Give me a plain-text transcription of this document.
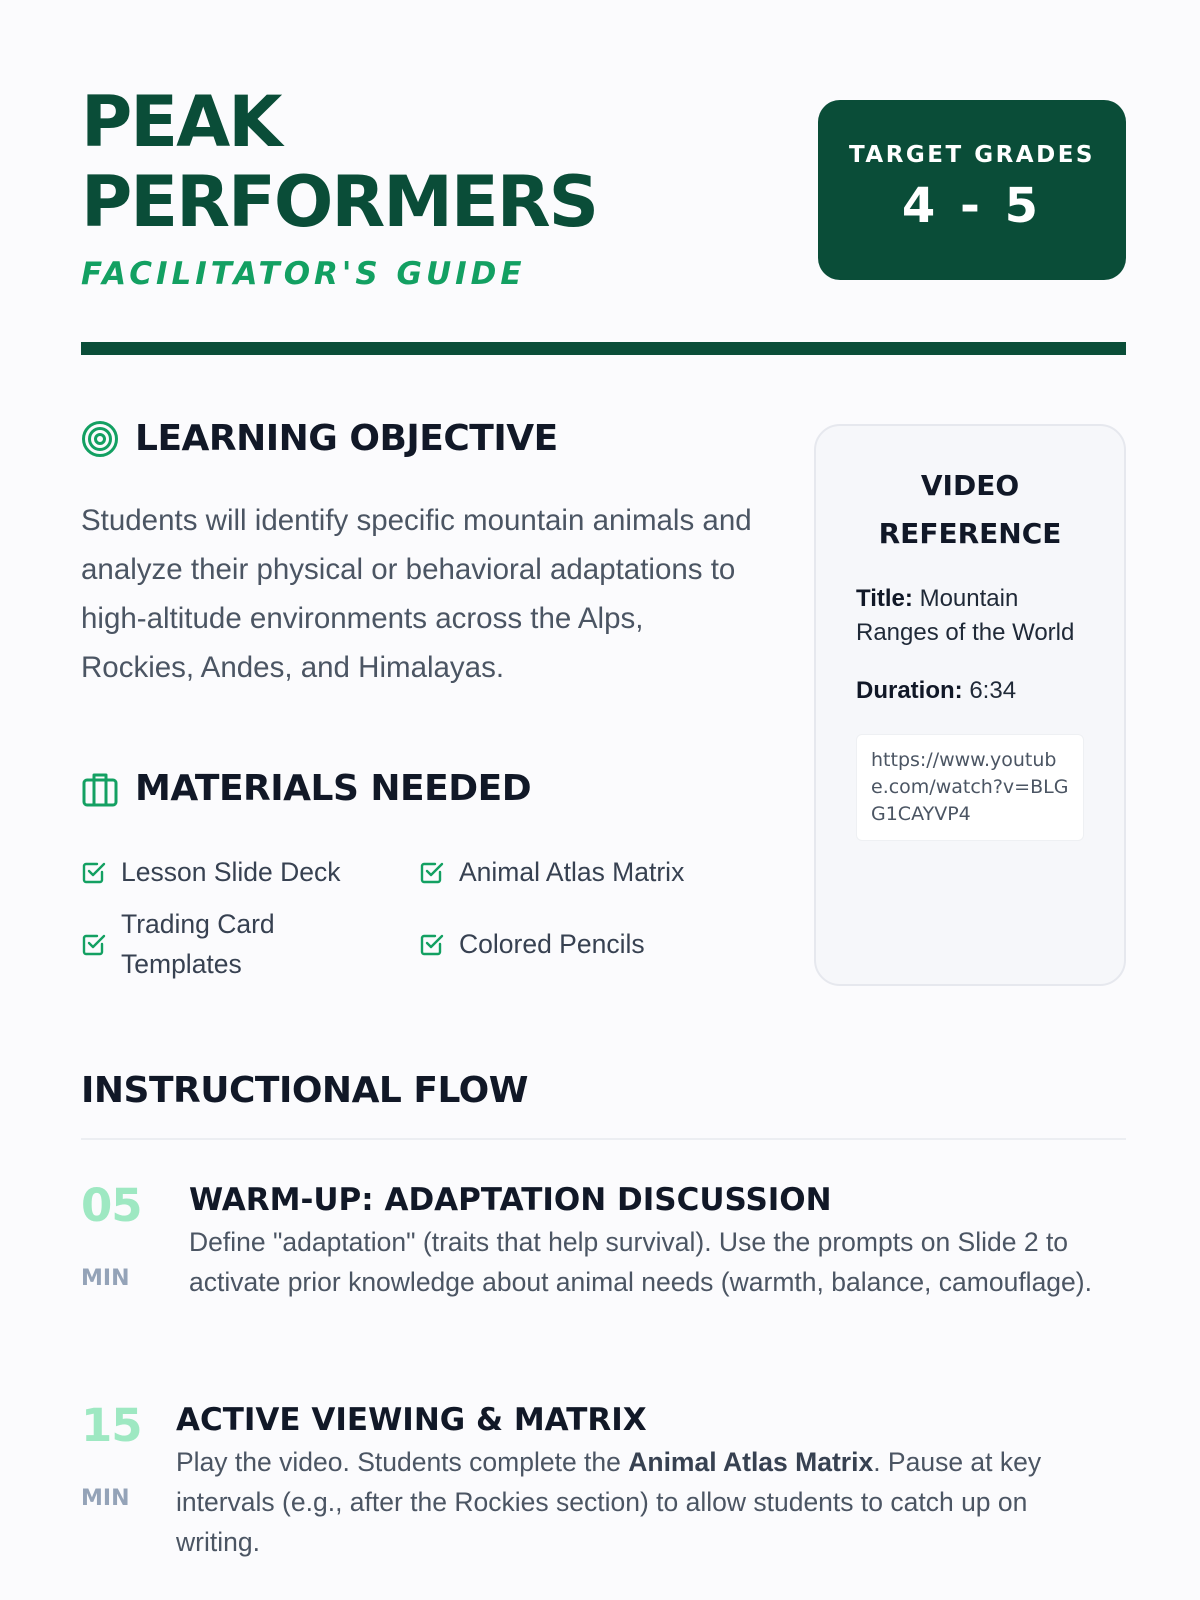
PEAK
PERFORMERS

FACILITATOR'S GUIDE

TARGET GRADES
4 - 5
LEARNING OBJECTIVE

Students will identify specific mountain animals and analyze their physical or behavioral adaptations to high-altitude environments across the Alps, Rockies, Andes, and Himalayas.

MATERIALS NEEDED
Lesson Slide Deck	Animal Atlas Matrix
Trading Card Templates
Colored Pencils
VIDEO
REFERENCE

Title: Mountain Ranges of the World

Duration: 6:34

https://www.youtube.com/watch?v=BLGG1CAYVP4
INSTRUCTIONAL FLOW
05
MIN
WARM-UP: ADAPTATION DISCUSSION

Define "adaptation" (traits that help survival). Use the prompts on Slide 2 to activate prior knowledge about animal needs (warmth, balance, camouflage).

15
MIN
ACTIVE VIEWING & MATRIX

Play the video. Students complete the Animal Atlas Matrix. Pause at key intervals (e.g., after the Rockies section) to allow students to catch up on writing.
